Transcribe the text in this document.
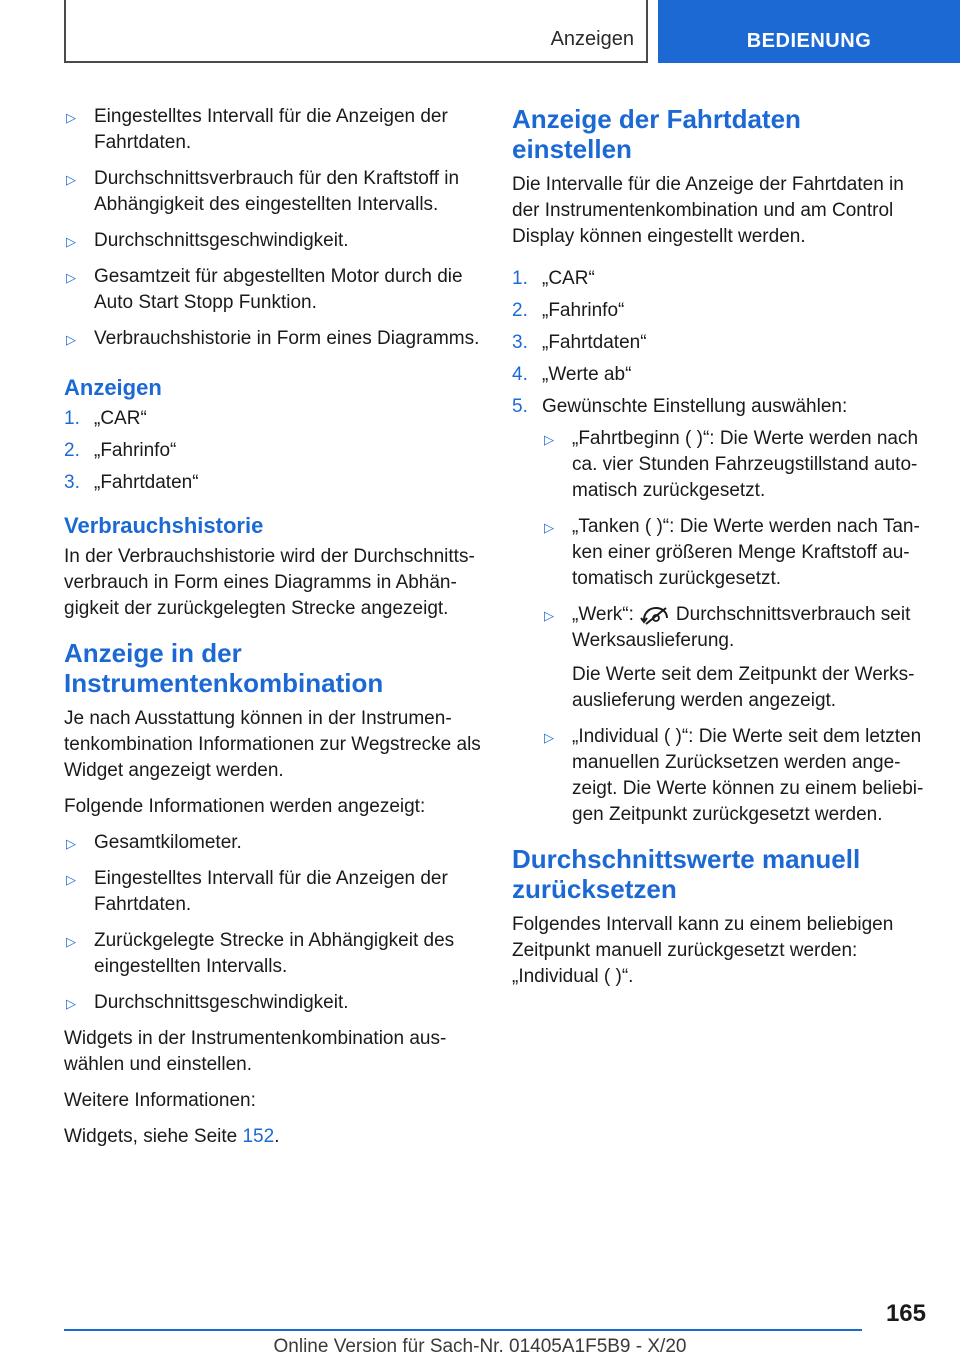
Anzeigen	BEDIENUNG
▷ Eingestelltes Intervall für die Anzeigen der Fahrtdaten.
▷ Durchschnittsverbrauch für den Kraftstoff in Abhängigkeit des eingestellten Intervalls.
▷ Durchschnittsgeschwindigkeit.
▷ Gesamtzeit für abgestellten Motor durch die Auto Start Stopp Funktion.
▷ Verbrauchshistorie in Form eines Diagramms.
Anzeigen
1. „CAR“
2. „Fahrinfo“
3. „Fahrtdaten“
Verbrauchshistorie

In der Verbrauchshistorie wird der Durchschnittsverbrauch in Form eines Diagramms in Abhängigkeit der zurückgelegten Strecke angezeigt.

Anzeige in der Instrumentenkombination

Je nach Ausstattung können in der Instrumentenkombination Informationen zur Wegstrecke als Widget angezeigt werden.

Folgende Informationen werden angezeigt:

▷ Gesamtkilometer.
▷ Eingestelltes Intervall für die Anzeigen der Fahrtdaten.
▷ Zurückgelegte Strecke in Abhängigkeit des eingestellten Intervalls.
▷ Durchschnittsgeschwindigkeit.

Widgets in der Instrumentenkombination auswählen und einstellen.

Weitere Informationen:

Widgets, siehe Seite 152.

Anzeige der Fahrtdaten einstellen

Die Intervalle für die Anzeige der Fahrtdaten in der Instrumentenkombination und am Control Display können eingestellt werden.

1. „CAR“
2. „Fahrinfo“
3. „Fahrtdaten“
4. „Werte ab“
5. Gewünschte Einstellung auswählen:
▷ „Fahrtbeginn ( )“: Die Werte werden nach ca. vier Stunden Fahrzeugstillstand automatisch zurückgesetzt.
▷ „Tanken ( )“: Die Werte werden nach Tanken einer größeren Menge Kraftstoff automatisch zurückgesetzt.
▷ „Werk“: Durchschnittsverbrauch seit Werksauslieferung.
Die Werte seit dem Zeitpunkt der Werksauslieferung werden angezeigt.
▷ „Individual ( )“: Die Werte seit dem letzten manuellen Zurücksetzen werden angezeigt. Die Werte können zu einem beliebigen Zeitpunkt zurückgesetzt werden.
Durchschnittswerte manuell zurücksetzen

Folgendes Intervall kann zu einem beliebigen Zeitpunkt manuell zurückgesetzt werden: „Individual ( )“.

165
Online Version für Sach-Nr. 01405A1F5B9 - X/20
